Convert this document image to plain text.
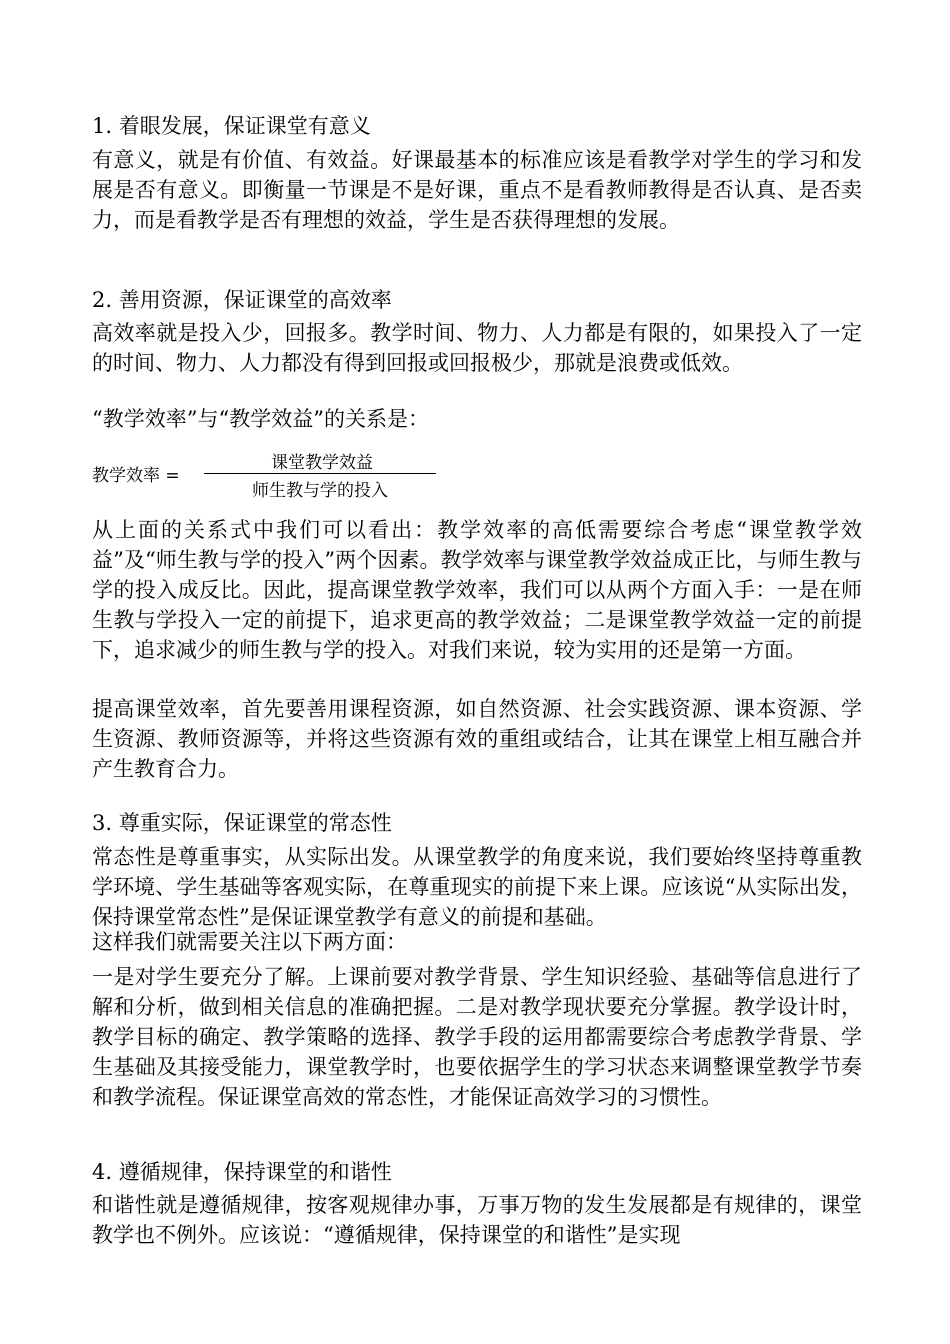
1. 着眼发展，保证课堂有意义

有意义，就是有价值、有效益。好课最基本的标准应该是看教学对学生的学习和发展是否有意义。即衡量一节课是不是好课，重点不是看教师教得是否认真、是否卖力，而是看教学是否有理想的效益，学生是否获得理想的发展。

2. 善用资源，保证课堂的高效率

高效率就是投入少，回报多。教学时间、物力、人力都是有限的，如果投入了一定的时间、物力、人力都没有得到回报或回报极少，那就是浪费或低效。

“教学效率”与“教学效益”的关系是：

教学效率 =
课堂教学效益
师生教与学的投入

从上面的关系式中我们可以看出：教学效率的高低需要综合考虑“课堂教学效益”及“师生教与学的投入”两个因素。教学效率与课堂教学效益成正比，与师生教与学的投入成反比。因此，提高课堂教学效率，我们可以从两个方面入手：一是在师生教与学投入一定的前提下，追求更高的教学效益；二是课堂教学效益一定的前提下，追求减少的师生教与学的投入。对我们来说，较为实用的还是第一方面。

提高课堂效率，首先要善用课程资源，如自然资源、社会实践资源、课本资源、学生资源、教师资源等，并将这些资源有效的重组或结合，让其在课堂上相互融合并产生教育合力。

3. 尊重实际，保证课堂的常态性

常态性是尊重事实，从实际出发。从课堂教学的角度来说，我们要始终坚持尊重教学环境、学生基础等客观实际，在尊重现实的前提下来上课。应该说“从实际出发，保持课堂常态性”是保证课堂教学有意义的前提和基础。

这样我们就需要关注以下两方面：

一是对学生要充分了解。上课前要对教学背景、学生知识经验、基础等信息进行了解和分析，做到相关信息的准确把握。二是对教学现状要充分掌握。教学设计时，教学目标的确定、教学策略的选择、教学手段的运用都需要综合考虑教学背景、学生基础及其接受能力，课堂教学时，也要依据学生的学习状态来调整课堂教学节奏和教学流程。保证课堂高效的常态性，才能保证高效学习的习惯性。

4. 遵循规律，保持课堂的和谐性

和谐性就是遵循规律，按客观规律办事，万事万物的发生发展都是有规律的，课堂教学也不例外。应该说：“遵循规律，保持课堂的和谐性”是实现
